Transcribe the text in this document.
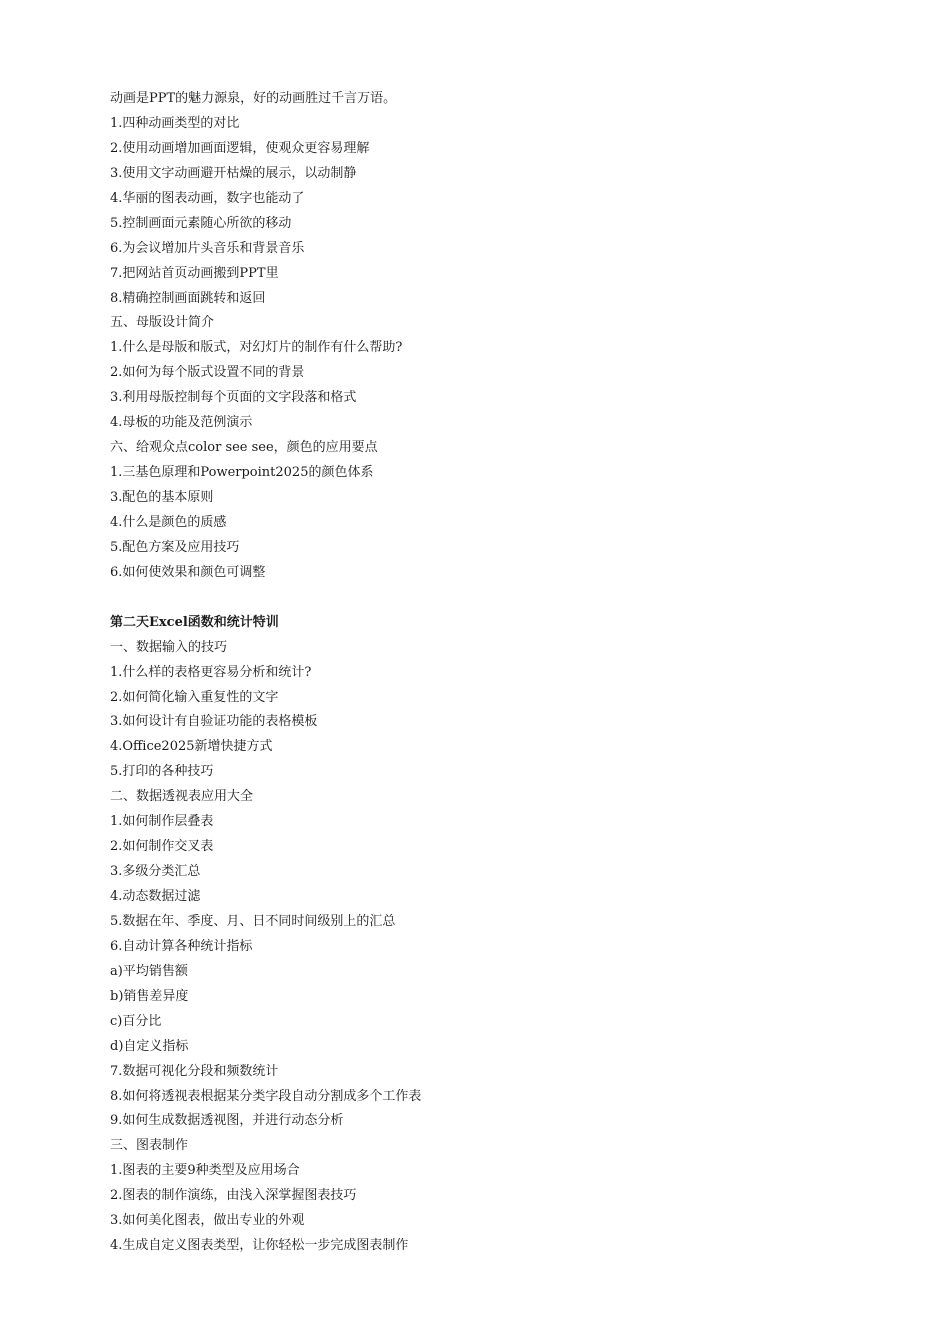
动画是PPT的魅力源泉，好的动画胜过千言万语。
1.四种动画类型的对比
2.使用动画增加画面逻辑，使观众更容易理解
3.使用文字动画避开枯燥的展示，以动制静
4.华丽的图表动画，数字也能动了
5.控制画面元素随心所欲的移动
6.为会议增加片头音乐和背景音乐
7.把网站首页动画搬到PPT里
8.精确控制画面跳转和返回
五、母版设计简介
1.什么是母版和版式，对幻灯片的制作有什么帮助?
2.如何为每个版式设置不同的背景
3.利用母版控制每个页面的文字段落和格式
4.母板的功能及范例演示
六、给观众点color see see，颜色的应用要点
1.三基色原理和Powerpoint2025的颜色体系
3.配色的基本原则
4.什么是颜色的质感
5.配色方案及应用技巧
6.如何使效果和颜色可调整
第二天Excel函数和统计特训
一、数据输入的技巧
1.什么样的表格更容易分析和统计?
2.如何简化输入重复性的文字
3.如何设计有自验证功能的表格模板
4.Office2025新增快捷方式
5.打印的各种技巧
二、数据透视表应用大全
1.如何制作层叠表
2.如何制作交叉表
3.多级分类汇总
4.动态数据过滤
5.数据在年、季度、月、日不同时间级别上的汇总
6.自动计算各种统计指标
a)平均销售额
b)销售差异度
c)百分比
d)自定义指标
7.数据可视化分段和频数统计
8.如何将透视表根据某分类字段自动分割成多个工作表
9.如何生成数据透视图，并进行动态分析
三、图表制作
1.图表的主要9种类型及应用场合
2.图表的制作演练，由浅入深掌握图表技巧
3.如何美化图表，做出专业的外观
4.生成自定义图表类型，让你轻松一步完成图表制作
